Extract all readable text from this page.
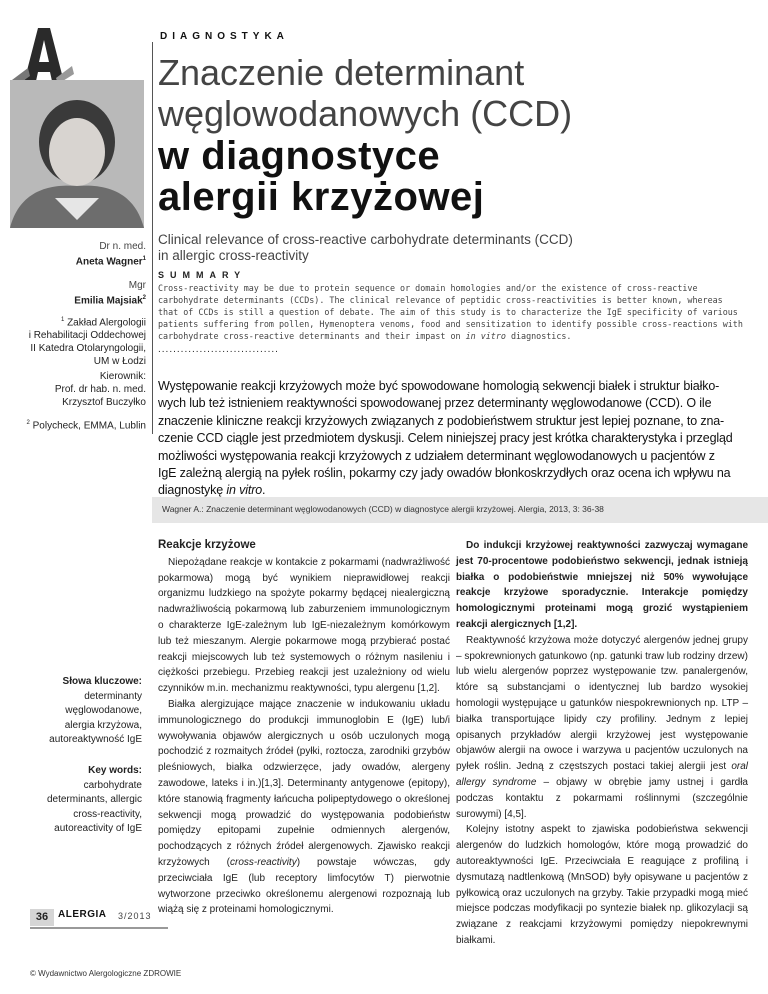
DIAGNOSTYKA
Znaczenie determinant
węglowodanowych (CCD)
w diagnostyce
alergii krzyżowej
Dr n. med.
Aneta Wagner$^1$
Mgr
Emilia Majsiak$^2$
$^1$ Zakład Alergologii
i Rehabilitacji Oddechowej
II Katedra Otolaryngologii,
UM w Łodzi
Kierownik:
Prof. dr hab. n. med.
Krzysztof Buczyłko
$^2$ Polycheck, EMMA, Lublin
Clinical relevance of cross-reactive carbohydrate determinants (CCD)
in allergic cross-reactivity
SUMMARY
Cross-reactivity may be due to protein sequence or domain homologies and/or the existence of cross-reactive
carbohydrate determinants (CCDs). The clinical relevance of peptidic cross-reactivities is better known, whereas
that of CCDs is still a question of debate. The aim of this study is to characterize the IgE specificity of various
patients suffering from pollen, Hymenoptera venoms, food and sensitization to identify possible cross-reactions with
carbohydrate cross-reactive determinants and their impast on in vitro diagnostics.
................................
Występowanie reakcji krzyżowych może być spowodowane homologią sekwencji białek i struktur białko-
wych lub też istnieniem reaktywności spowodowanej przez determinanty węglowodanowe (CCD). O ile
znaczenie kliniczne reakcji krzyżowych związanych z podobieństwem struktur jest lepiej poznane, to zna-
czenie CCD ciągle jest przedmiotem dyskusji. Celem niniejszej pracy jest krótka charakterystyka i przegląd
możliwości występowania reakcji krzyżowych z udziałem determinant węglowodanowych u pacjentów z
IgE zależną alergią na pyłek roślin, pokarmy czy jady owadów błonkoskrzydłych oraz ocena ich wpływu na
diagnostykę in vitro.
Wagner A.: Znaczenie determinant węglowodanowych (CCD) w diagnostyce alergii krzyżowej. Alergia, 2013, 3: 36-38
Słowa kluczowe:
determinanty
węglowodanowe,
alergia krzyżowa,
autoreaktywność IgE
Key words:
carbohydrate
determinants, allergic
cross-reactivity,
autoreactivity of IgE
Reakcje krzyżowe

Niepożądane reakcje w kontakcie z pokarmami (nadwrażliwość pokarmowa) mogą być wynikiem nieprawidłowej reakcji organizmu ludzkiego na spożyte pokarmy będącej niealergiczną nadwrażliwością pokarmową lub zaburzeniem immunologicznym o charakterze IgE-zależnym lub IgE-niezależnym komórkowym lub też mieszanym. Alergie pokarmowe mogą przybierać postać reakcji miejscowych lub też systemowych o różnym nasileniu i ciężkości przebiegu. Przebieg reakcji jest uzależniony od wielu czynników m.in. mechanizmu reaktywności, typu alergenu [1,2].

Białka alergizujące mające znaczenie w indukowaniu układu immunologicznego do produkcji immunoglobin E (IgE) lub/i wywoływania objawów alergicznych u osób uczulonych mogą pochodzić z rozmaitych źródeł (pyłki, roztocza, zarodniki grzybów pleśniowych, białka odzwierzęce, jady owadów, alergeny zawodowe, lateks i in.)[1,3]. Determinanty antygenowe (epitopy), które stanowią fragmenty łańcucha polipeptydowego o określonej sekwencji mogą prowadzić do występowania podobieństw pomiędzy epitopami zupełnie odmiennych alergenów, pochodzących z różnych źródeł alergenowych. Zjawisko reakcji krzyżowych (cross-reactivity) powstaje wówczas, gdy przeciwciała IgE (lub receptory limfocytów T) pierwotnie wytworzone przeciwko określonemu alergenowi rozpoznają lub wiążą się z proteinami homologicznymi.

Do indukcji krzyżowej reaktywności zazwyczaj wymagane jest 70-procentowe podobieństwo sekwencji, jednak istnieją białka o podobieństwie mniejszej niż 50% wywołujące reakcje krzyżowe sporadycznie. Interakcje pomiędzy homologicznymi proteinami mogą grozić wystąpieniem reakcji alergicznych [1,2].

Reaktywność krzyżowa może dotyczyć alergenów jednej grupy – spokrewnionych gatunkowo (np. gatunki traw lub rodziny drzew) lub wielu alergenów poprzez występowanie tzw. panalergenów, które są substancjami o identycznej lub bardzo wysokiej homologii występujące u gatunków niespokrewnionych np. LTP – białka transportujące lipidy czy profiliny. Jednym z lepiej opisanych przykładów alergii krzyżowej jest występowanie objawów alergii na owoce i warzywa u pacjentów uczulonych na pyłek roślin. Jedną z częstszych postaci takiej alergii jest oral allergy syndrome – objawy w obrębie jamy ustnej i gardła podczas kontaktu z pokarmami roślinnymi (szczególnie surowymi) [4,5].

Kolejny istotny aspekt to zjawiska podobieństwa sekwencji alergenów do ludzkich homologów, które mogą prowadzić do autoreaktywności IgE. Przeciwciała E reagujące z profiliną i dysmutazą nadtlenkową (MnSOD) były opisywane u pacjentów z pyłkowicą oraz uczulonych na grzyby. Takie przypadki mogą mieć miejsce podczas modyfikacji po syntezie białek np. glikozylacji są związane z reakcjami krzyżowymi pomiędzy niepokrewnymi białkami.

36 ALERGIA 3/2013
© Wydawnictwo Alergologiczne ZDROWIE
